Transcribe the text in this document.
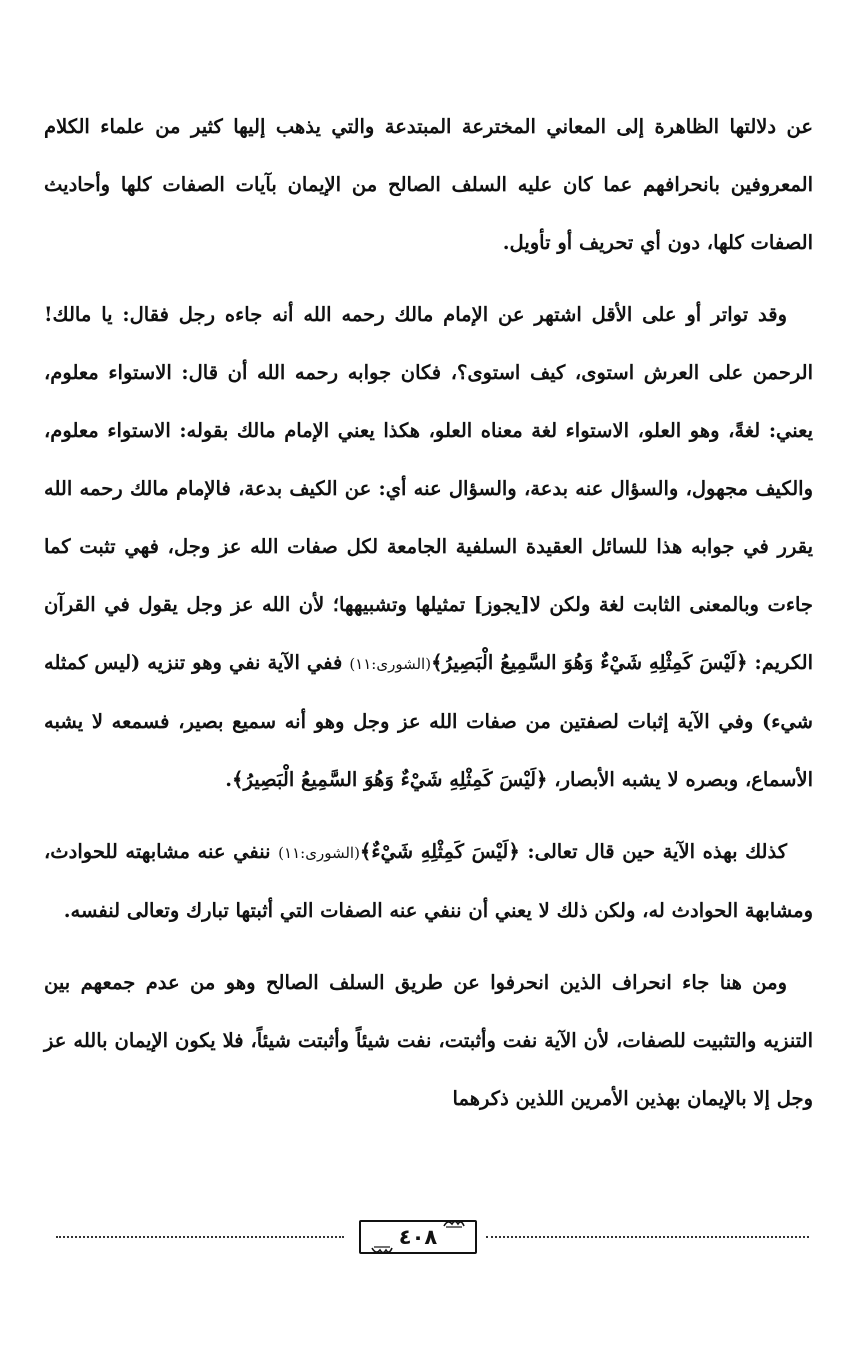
عن دلالتها الظاهرة إلى المعاني المخترعة المبتدعة والتي يذهب إليها كثير من علماء الكلام المعروفين بانحرافهم عما كان عليه السلف الصالح من الإيمان بآيات الصفات كلها وأحاديث الصفات كلها، دون أي تحريف أو تأويل.

وقد تواتر أو على الأقل اشتهر عن الإمام مالك رحمه الله أنه جاءه رجل فقال: يا مالك! الرحمن على العرش استوى، كيف استوى؟، فكان جوابه رحمه الله أن قال: الاستواء معلوم، يعني: لغةً، وهو العلو، الاستواء لغة معناه العلو، هكذا يعني الإمام مالك بقوله: الاستواء معلوم، والكيف مجهول، والسؤال عنه بدعة، والسؤال عنه أي: عن الكيف بدعة، فالإمام مالك رحمه الله يقرر في جوابه هذا للسائل العقيدة السلفية الجامعة لكل صفات الله عز وجل، فهي تثبت كما جاءت وبالمعنى الثابت لغة ولكن لا[يجوز] تمثيلها وتشبيهها؛ لأن الله عز وجل يقول في القرآن الكريم: ﴿لَيْسَ كَمِثْلِهِ شَيْءٌ وَهُوَ السَّمِيعُ الْبَصِيرُ﴾(الشورى:١١) ففي الآية نفي وهو تنزيه (ليس كمثله شيء) وفي الآية إثبات لصفتين من صفات الله عز وجل وهو أنه سميع بصير، فسمعه لا يشبه الأسماع، وبصره لا يشبه الأبصار، ﴿لَيْسَ كَمِثْلِهِ شَيْءٌ وَهُوَ السَّمِيعُ الْبَصِيرُ﴾.

كذلك بهذه الآية حين قال تعالى: ﴿لَيْسَ كَمِثْلِهِ شَيْءٌ﴾(الشورى:١١) ننفي عنه مشابهته للحوادث، ومشابهة الحوادث له، ولكن ذلك لا يعني أن ننفي عنه الصفات التي أثبتها تبارك وتعالى لنفسه.

ومن هنا جاء انحراف الذين انحرفوا عن طريق السلف الصالح وهو من عدم جمعهم بين التنزيه والتثبيت للصفات، لأن الآية نفت وأثبتت، نفت شيئاً وأثبتت شيئاً، فلا يكون الإيمان بالله عز وجل إلا بالإيمان بهذين الأمرين اللذين ذكرهما

٤٠٨
